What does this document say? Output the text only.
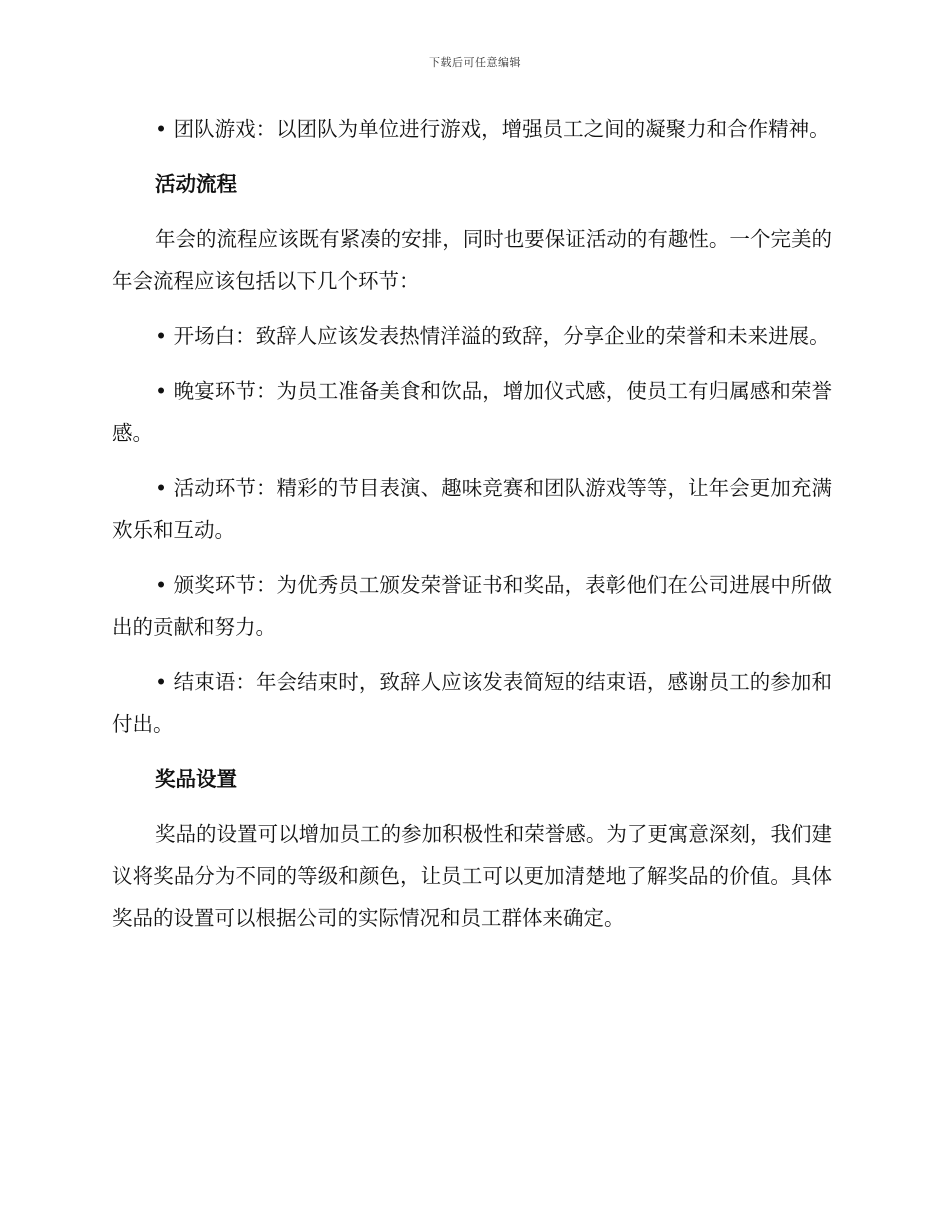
下载后可任意编辑

• 团队游戏：以团队为单位进行游戏，增强员工之间的凝聚力和合作精神。

活动流程

年会的流程应该既有紧凑的安排，同时也要保证活动的有趣性。一个完美的年会流程应该包括以下几个环节：

• 开场白：致辞人应该发表热情洋溢的致辞，分享企业的荣誉和未来进展。

• 晚宴环节：为员工准备美食和饮品，增加仪式感，使员工有归属感和荣誉感。

• 活动环节：精彩的节目表演、趣味竞赛和团队游戏等等，让年会更加充满欢乐和互动。

• 颁奖环节：为优秀员工颁发荣誉证书和奖品，表彰他们在公司进展中所做出的贡献和努力。

• 结束语：年会结束时，致辞人应该发表简短的结束语，感谢员工的参加和付出。

奖品设置

奖品的设置可以增加员工的参加积极性和荣誉感。为了更寓意深刻，我们建议将奖品分为不同的等级和颜色，让员工可以更加清楚地了解奖品的价值。具体奖品的设置可以根据公司的实际情况和员工群体来确定。
